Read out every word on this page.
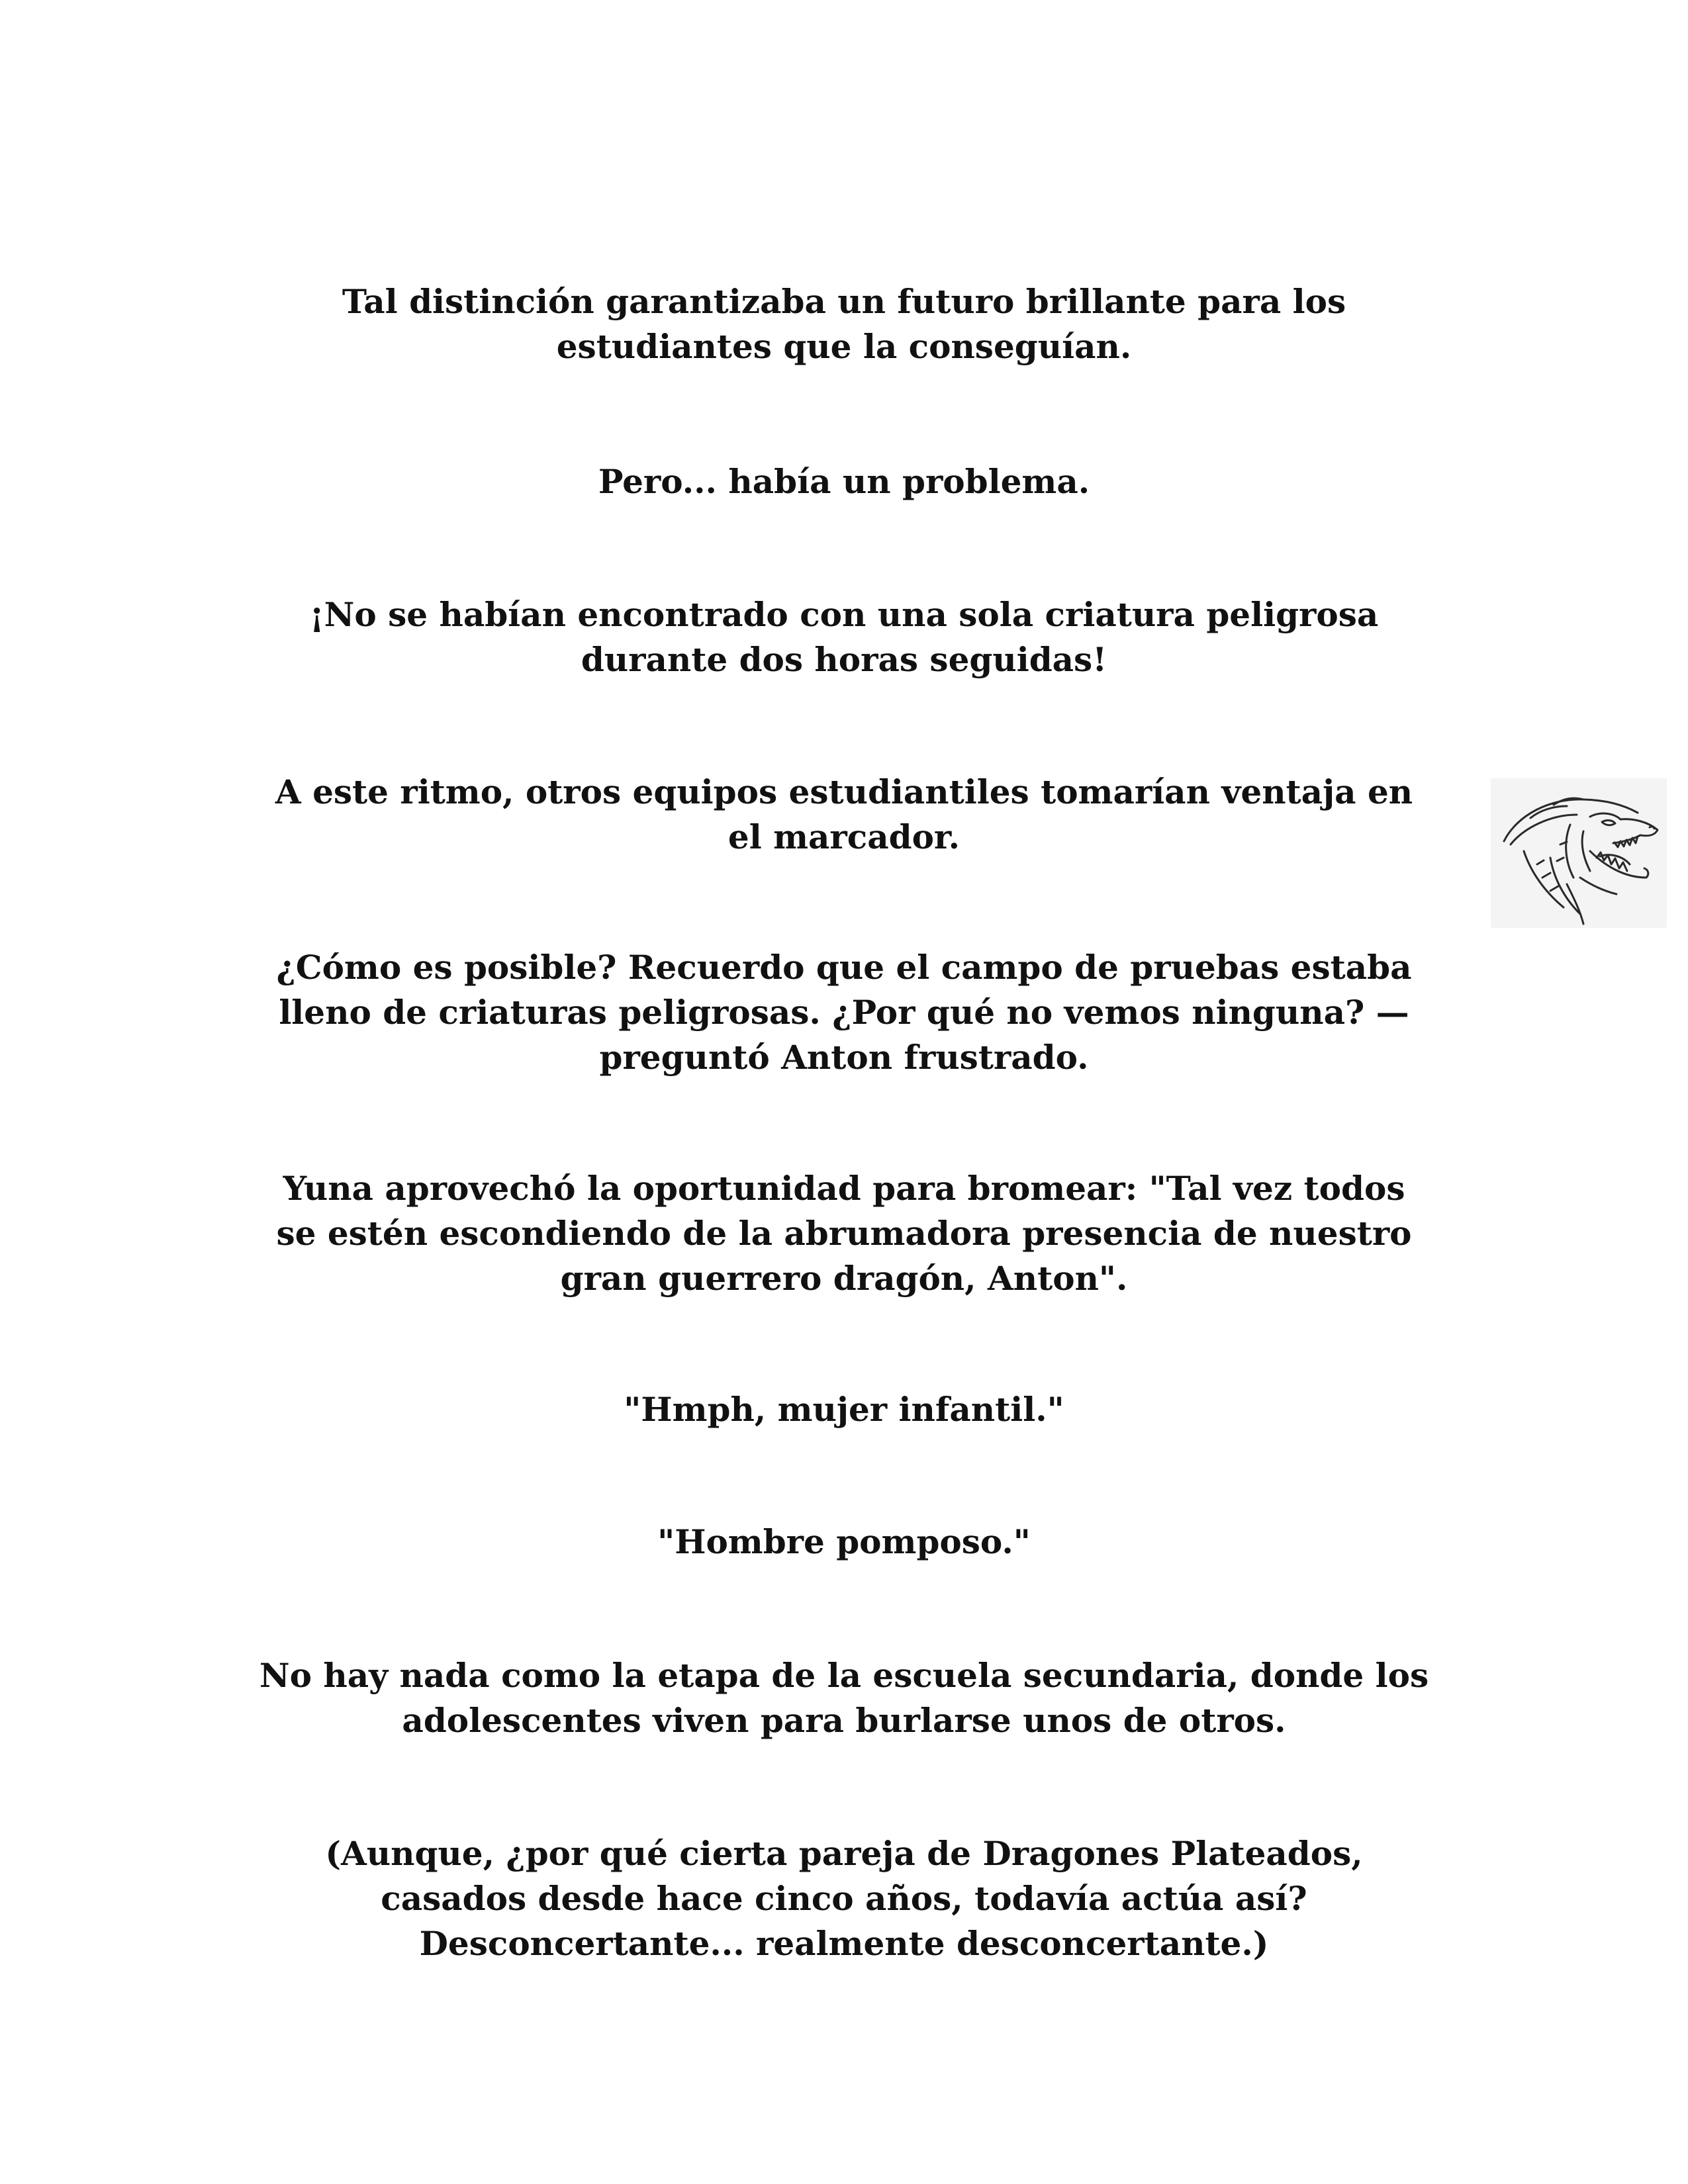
Tal distinción garantizaba un futuro brillante para los
estudiantes que la conseguían.

Pero... había un problema.

¡No se habían encontrado con una sola criatura peligrosa
durante dos horas seguidas!

A este ritmo, otros equipos estudiantiles tomarían ventaja en
el marcador.

¿Cómo es posible? Recuerdo que el campo de pruebas estaba
lleno de criaturas peligrosas. ¿Por qué no vemos ninguna? —
preguntó Anton frustrado.

Yuna aprovechó la oportunidad para bromear: "Tal vez todos
se estén escondiendo de la abrumadora presencia de nuestro
gran guerrero dragón, Anton".

"Hmph, mujer infantil."

"Hombre pomposo."

No hay nada como la etapa de la escuela secundaria, donde los
adolescentes viven para burlarse unos de otros.

(Aunque, ¿por qué cierta pareja de Dragones Plateados,
casados desde hace cinco años, todavía actúa así?
Desconcertante... realmente desconcertante.)
